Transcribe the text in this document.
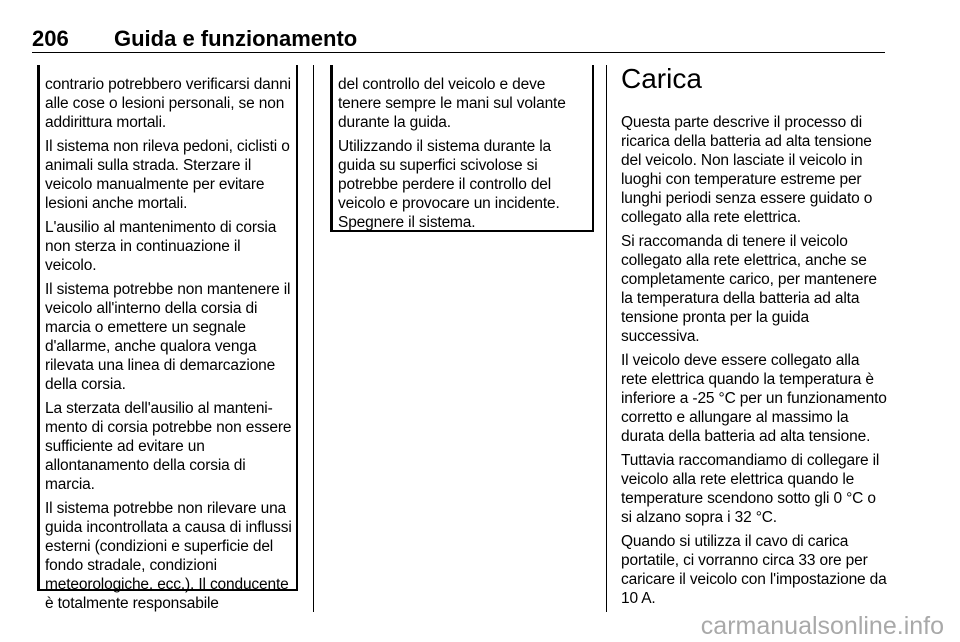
206 Guida e funzionamento

contrario potrebbero verificarsi danni alle cose o lesioni personali, se non addirittura mortali.

Il sistema non rileva pedoni, ciclisti o animali sulla strada. Sterzare il veicolo manualmente per evitare lesioni anche mortali.

L'ausilio al mantenimento di corsia non sterza in continuazione il veicolo.

Il sistema potrebbe non mantenere il veicolo all'interno della corsia di marcia o emettere un segnale d'allarme, anche qualora venga rilevata una linea di demarcazione della corsia.

La sterzata dell'ausilio al mantenimento di corsia potrebbe non essere sufficiente ad evitare un allontanamento della corsia di marcia.

Il sistema potrebbe non rilevare una guida incontrollata a causa di influssi esterni (condizioni e superficie del fondo stradale, condizioni meteorologiche, ecc.). Il conducente è totalmente responsabile

del controllo del veicolo e deve tenere sempre le mani sul volante durante la guida.

Utilizzando il sistema durante la guida su superfici scivolose si potrebbe perdere il controllo del veicolo e provocare un incidente. Spegnere il sistema.

Carica

Questa parte descrive il processo di ricarica della batteria ad alta tensione del veicolo. Non lasciate il veicolo in luoghi con temperature estreme per lunghi periodi senza essere guidato o collegato alla rete elettrica.

Si raccomanda di tenere il veicolo collegato alla rete elettrica, anche se completamente carico, per mantenere la temperatura della batteria ad alta tensione pronta per la guida successiva.

Il veicolo deve essere collegato alla rete elettrica quando la temperatura è inferiore a -25 °C per un funzionamento corretto e allungare al massimo la durata della batteria ad alta tensione.

Tuttavia raccomandiamo di collegare il veicolo alla rete elettrica quando le temperature scendono sotto gli 0 °C o si alzano sopra i 32 °C.

Quando si utilizza il cavo di carica portatile, ci vorranno circa 33 ore per caricare il veicolo con l'impostazione da 10 A.

carmanualsonline.info
